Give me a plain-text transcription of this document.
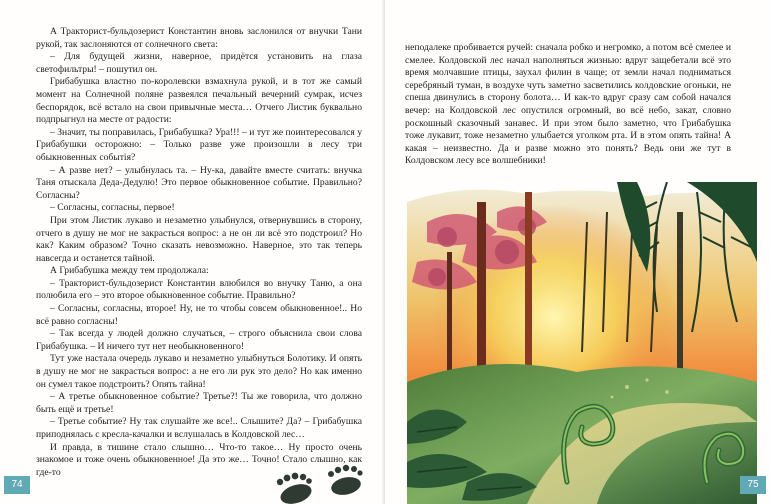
А Тракторист-бульдозерист Константин вновь заслонился от внучки Тани рукой, так заслоняются от солнечного света:

– Для будущей жизни, наверное, придётся установить на глаза светофильтры! – пошутил он.

Грибабушка властно по-королевски взмахнула рукой, и в тот же самый момент на Солнечной поляне развеялся печальный вечерний сумрак, исчез беспорядок, всё встало на свои привычные места… Отчего Листик буквально подпрыгнул на месте от радости:

– Значит, ты поправилась, Грибабушка? Ура!!! – и тут же поинтересовался у Грибабушки осторожно: – Только разве уже произошли в лесу три обыкновенных событія?

– А разве нет? – улыбнулась та. – Ну-ка, давайте вместе считать: внучка Таня отыскала Деда-Дедулю! Это первое обыкновенное событие. Правильно? Согласны?

– Согласны, согласны, первое!

При этом Листик лукаво и незаметно улыбнулся, отвернувшись в сторону, отчего в душу не мог не закрасться вопрос: а не он ли всё это подстроил? Но как? Каким образом? Точно сказать невозможно. Наверное, это так теперь навсегда и останется тайной.

А Грибабушка между тем продолжала:

– Тракторист-бульдозерист Константин влюбился во внучку Таню, а она полюбила его – это второе обыкновенное событие. Правильно?

– Согласны, согласны, второе! Ну, не то чтобы совсем обыкновенное!.. Но всё равно согласны!

– Так всегда у людей должно случаться, – строго объяснила свои слова Грибабушка. – И ничего тут нет необыкновенного!

Тут уже настала очередь лукаво и незаметно улыбнуться Болотику. И опять в душу не мог не закрасться вопрос: а не его ли рук это дело? Но как именно он сумел такое подстроить? Опять тайна!

– А третье обыкновенное событие? Третье?! Ты же говорила, что должно быть ещё и третье!

– Третье событие? Ну так слушайте же все!.. Слышите? Да? – Грибабушка приподнялась с кресла-качалки и вслушалась в Колдовской лес…

И правда, в тишине стало слышно… Что-то такое… Ну просто очень знакомое и тоже очень обыкновенное! Да это же… Точно! Стало слышно, как где-то

74

неподалеке пробивается ручей: сначала робко и негромко, а потом всё смелее и смелее. Колдовской лес начал наполняться жизнью: вдруг защебетали всё это время молчавшие птицы, заухал филин в чаще; от земли начал подниматься серебряный туман, в воздухе чуть заметно засветились колдовские огоньки, не спеша двинулись в сторону болота… И как-то вдруг сразу сам собой начался вечер: на Колдовской лес опустился огромный, во всё небо, закат, словно роскошный сказочный занавес. И при этом было заметно, что Грибабушка тоже лукавит, тоже незаметно улыбается уголком рта. И в этом опять тайна! А какая – неизвестно. Да и разве можно это понять? Ведь они же тут в Колдовском лесу все волшебники!

75
